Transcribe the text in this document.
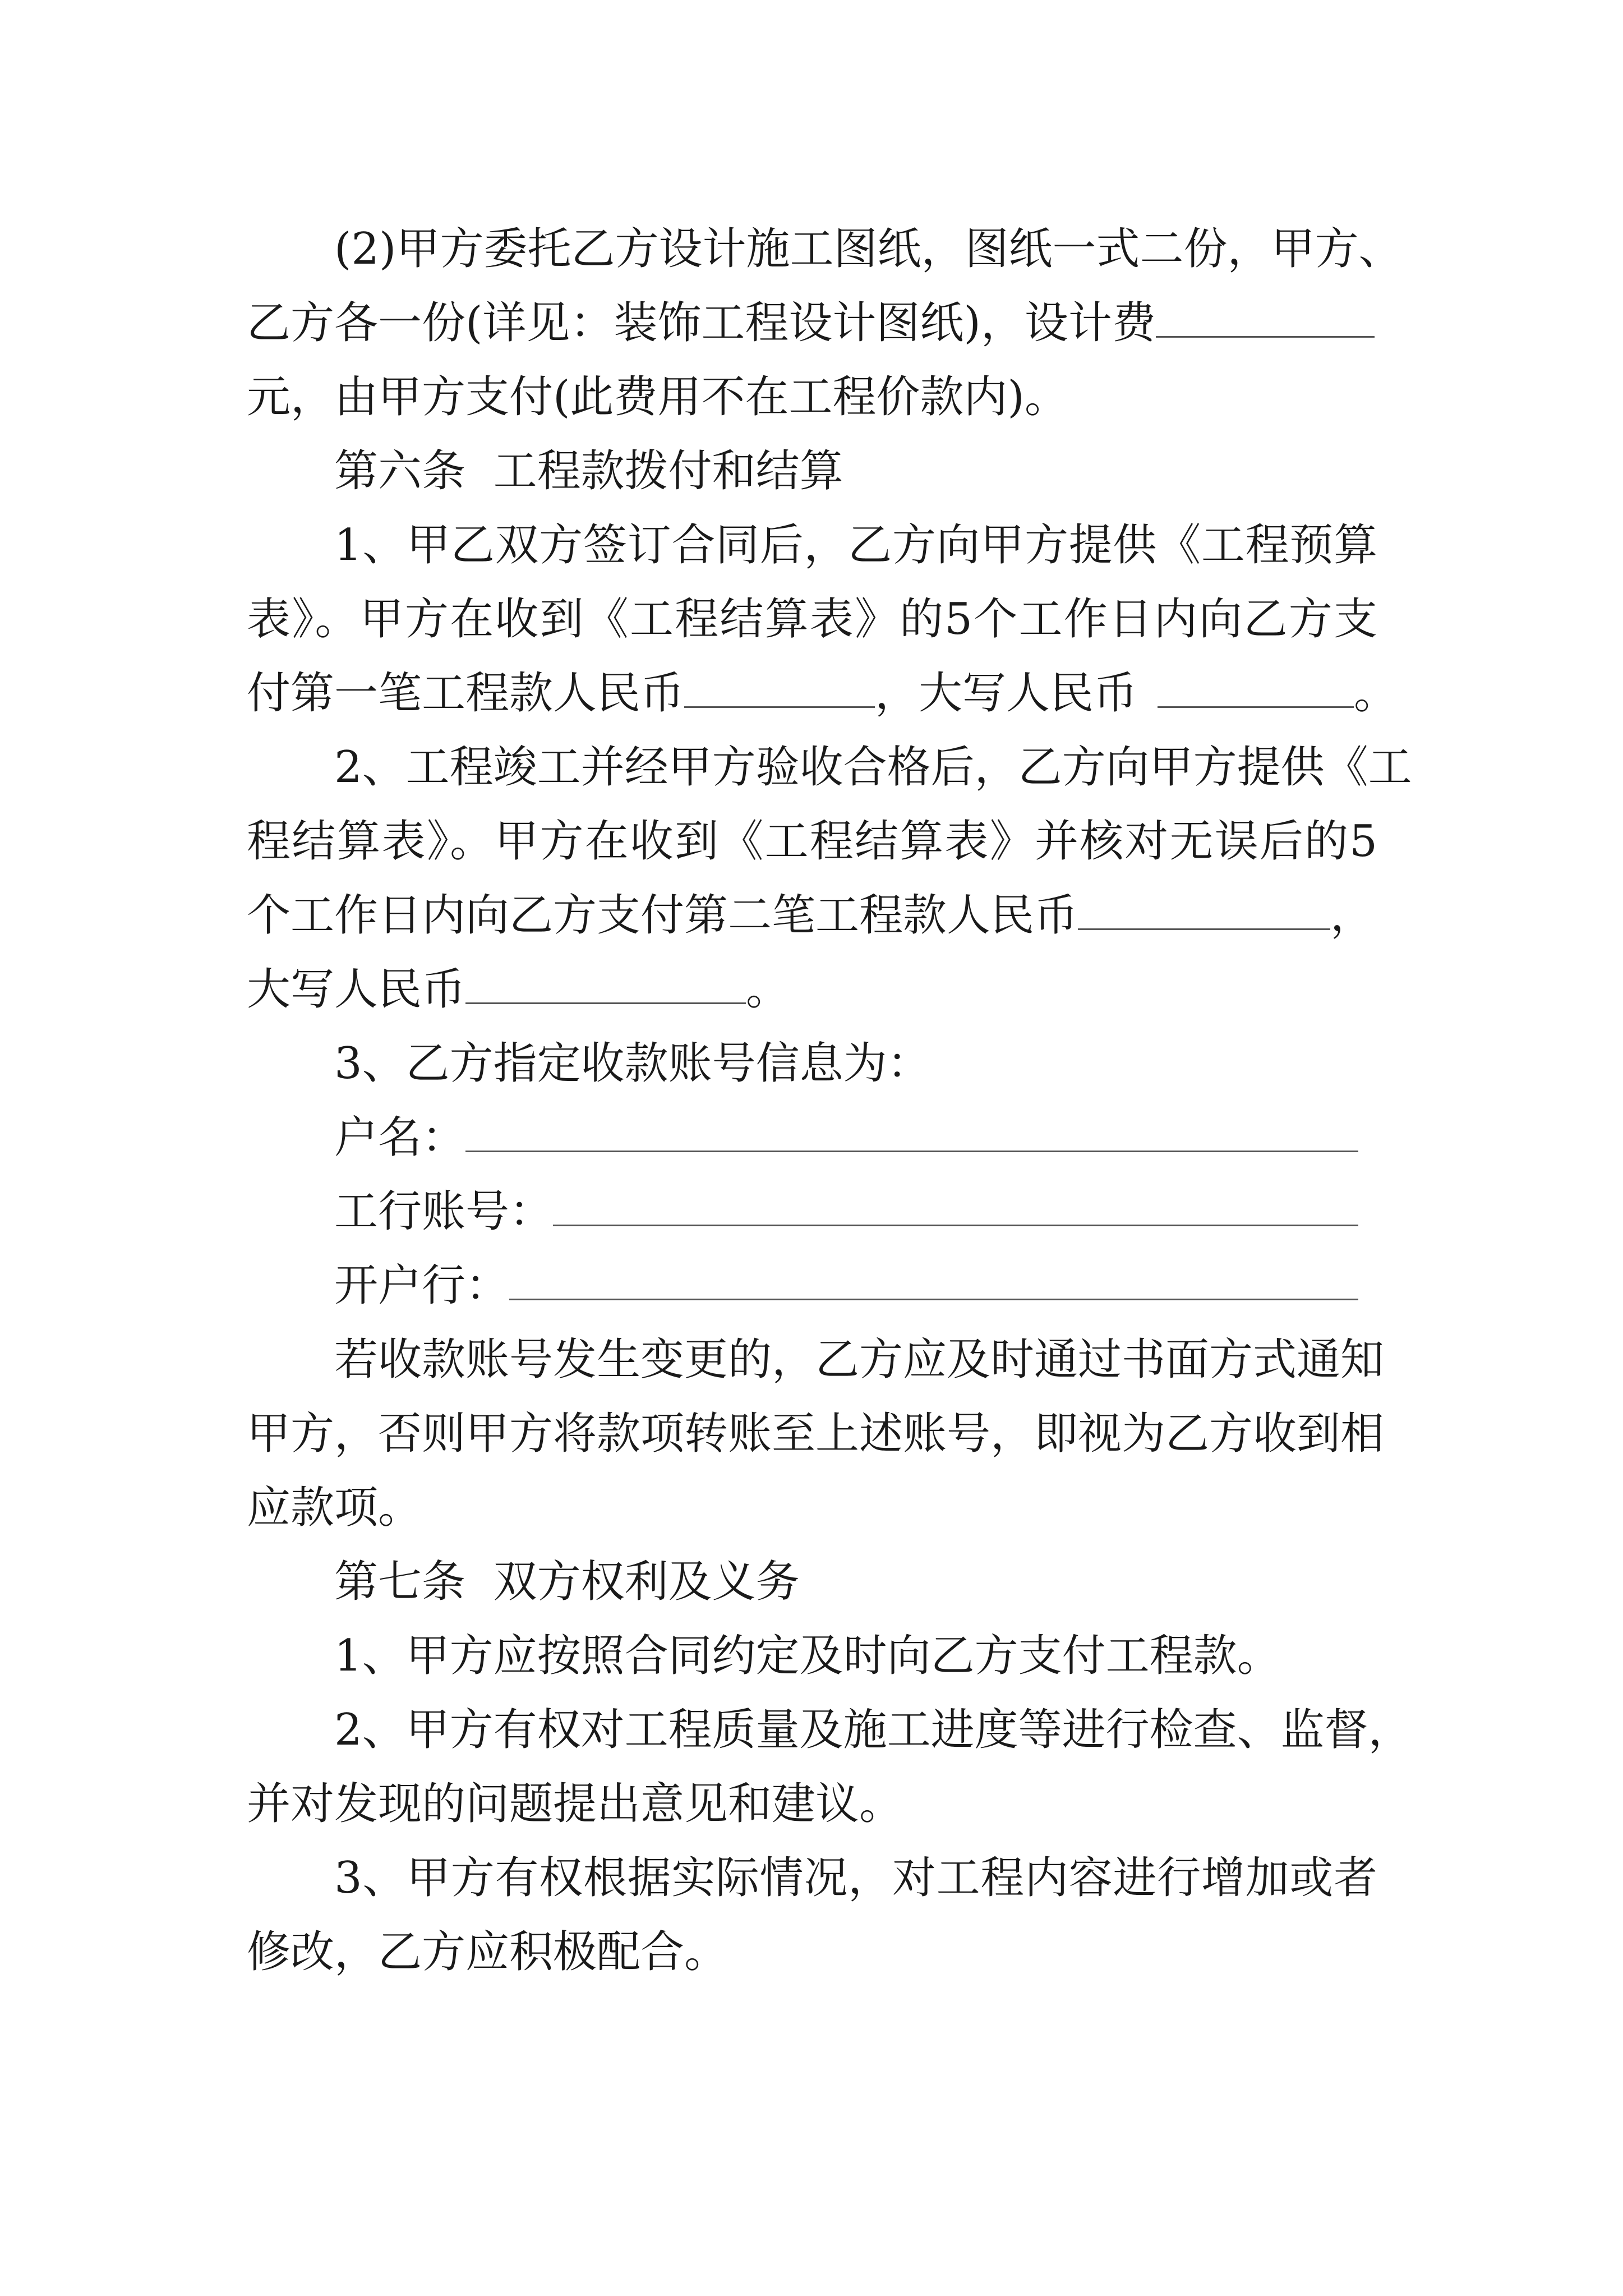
(2)甲方委托乙方设计施工图纸，图纸一式二份，甲方、
乙方各一份(详见：装饰工程设计图纸)，设计费
元，由甲方支付(此费用不在工程价款内)。
第六条  工程款拨付和结算
1、甲乙双方签订合同后，乙方向甲方提供《工程预算
表》。甲方在收到《工程结算表》的5个工作日内向乙方支
付第一笔工程款人民币	，大写人民币	。
2、工程竣工并经甲方验收合格后，乙方向甲方提供《工
程结算表》。甲方在收到《工程结算表》并核对无误后的5
个工作日内向乙方支付第二笔工程款人民币	，
大写人民币	。
3、乙方指定收款账号信息为：
户名：
工行账号：
开户行：
若收款账号发生变更的，乙方应及时通过书面方式通知
甲方，否则甲方将款项转账至上述账号，即视为乙方收到相
应款项。
第七条  双方权利及义务
1、甲方应按照合同约定及时向乙方支付工程款。
2、甲方有权对工程质量及施工进度等进行检查、监督，
并对发现的问题提出意见和建议。
3、甲方有权根据实际情况，对工程内容进行增加或者
修改，乙方应积极配合。
